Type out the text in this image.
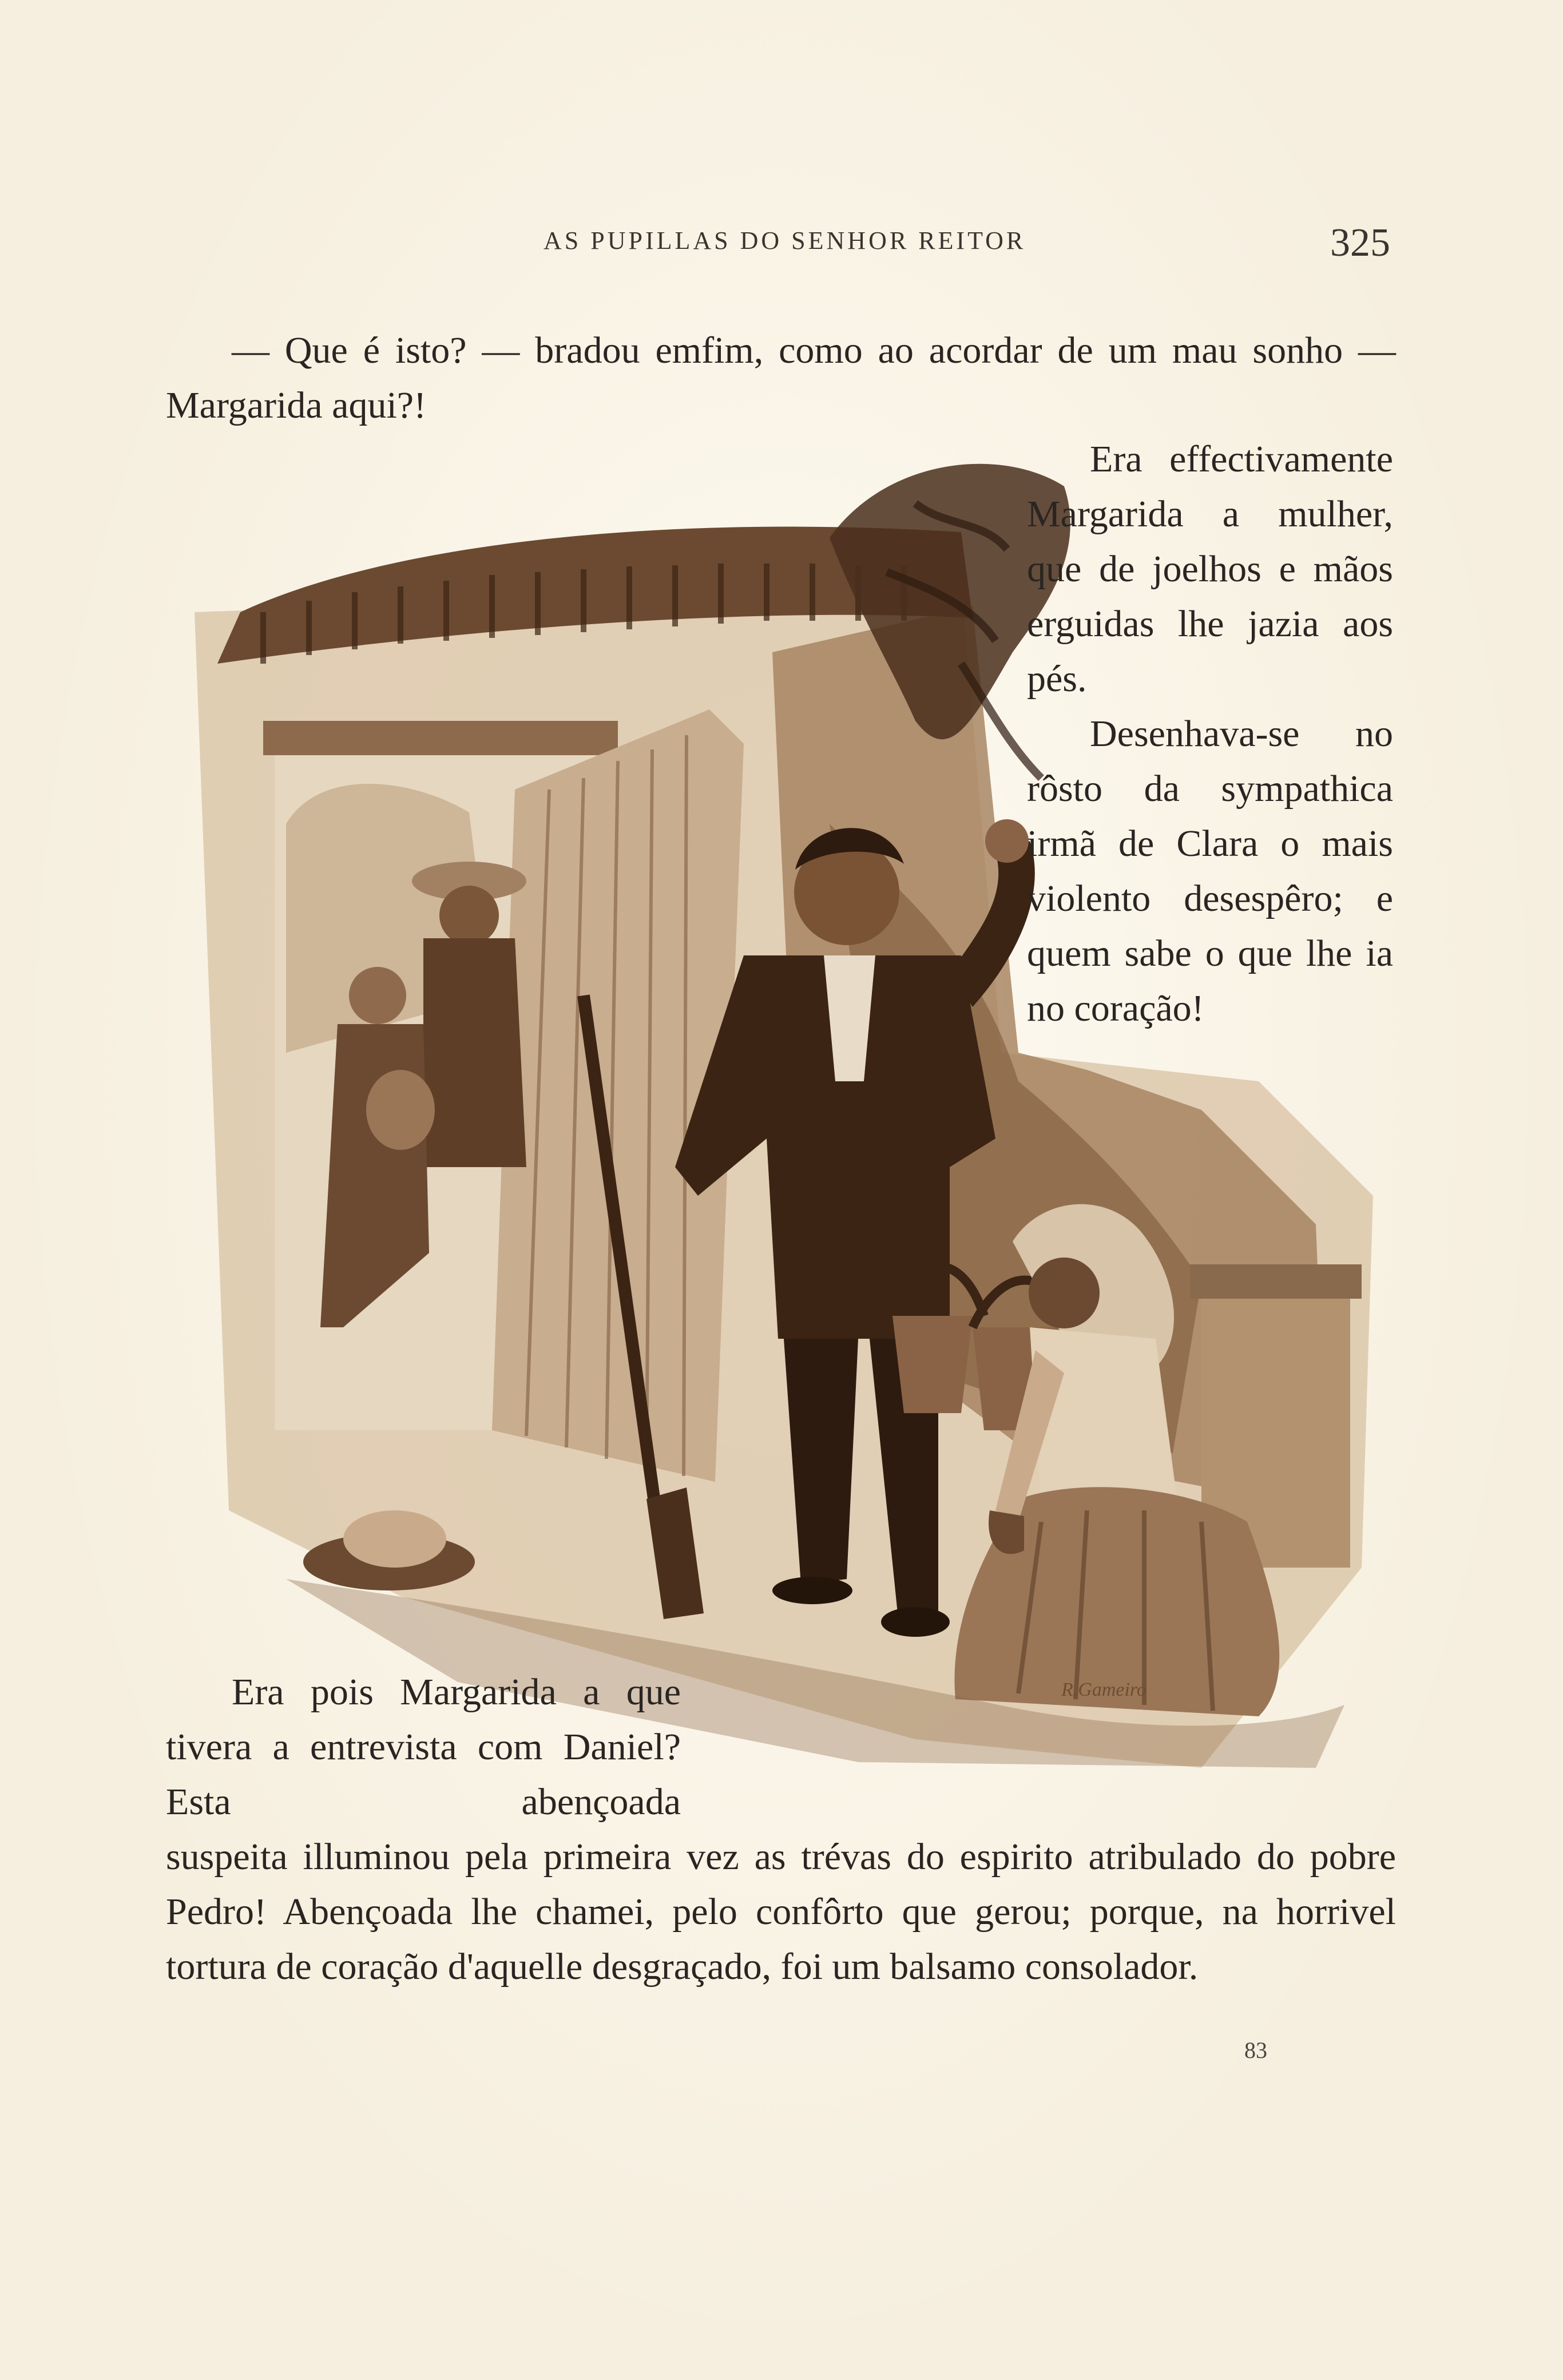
AS PUPILLAS DO SENHOR REITOR	325

— Que é isto? — bradou emfim, como ao acordar de um mau sonho — Margarida aqui?!

R.Gameiro

Era effectivamente Margarida a mulher, que de joelhos e mãos erguidas lhe jazia aos pés.

Desenhava-se no rôsto da sympathica irmã de Clara o mais violento desespêro; e quem sabe o que lhe ia no coração!

Era pois Margarida a que tivera a entrevista com Daniel? Esta abençoada

suspeita illuminou pela primeira vez as trévas do espirito atribulado do pobre Pedro! Abençoada lhe chamei, pelo confôrto que gerou; porque, na horrivel tortura de coração d'aquelle desgraçado, foi um balsamo consolador.

83
